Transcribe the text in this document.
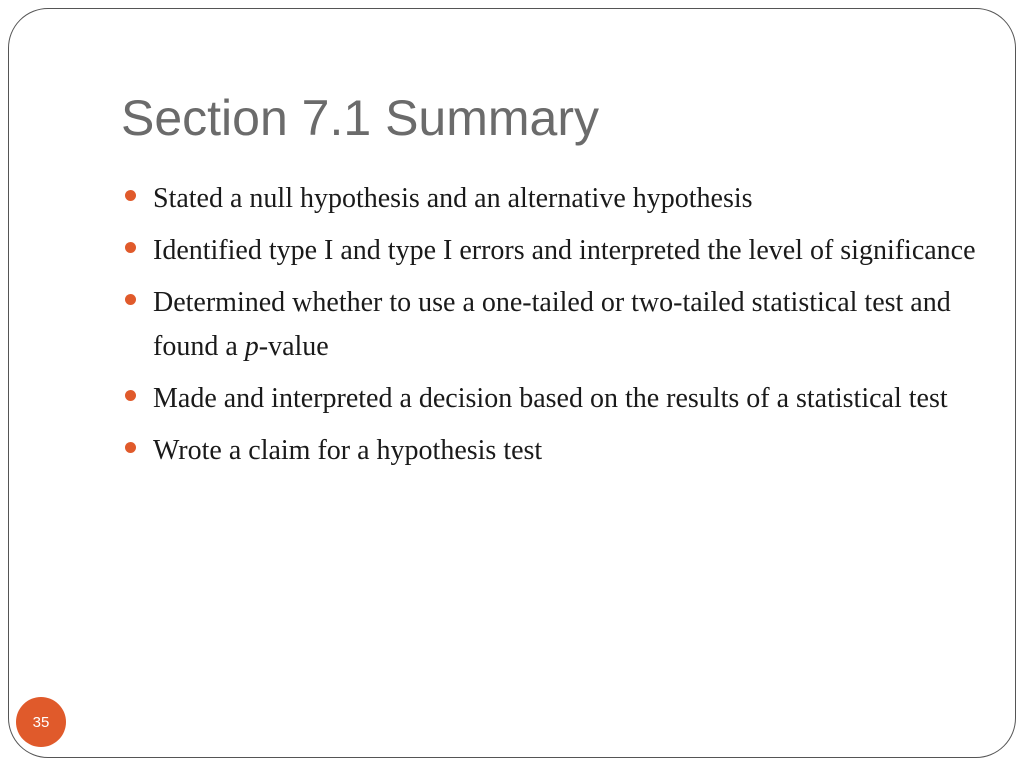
Section 7.1 Summary
Stated a null hypothesis and an alternative hypothesis
Identified type I and type I errors and interpreted the level of significance
Determined whether to use a one-tailed or two-tailed statistical test and found a p-value
Made and interpreted a decision based on the results of a statistical test
Wrote a claim for a hypothesis test
35
